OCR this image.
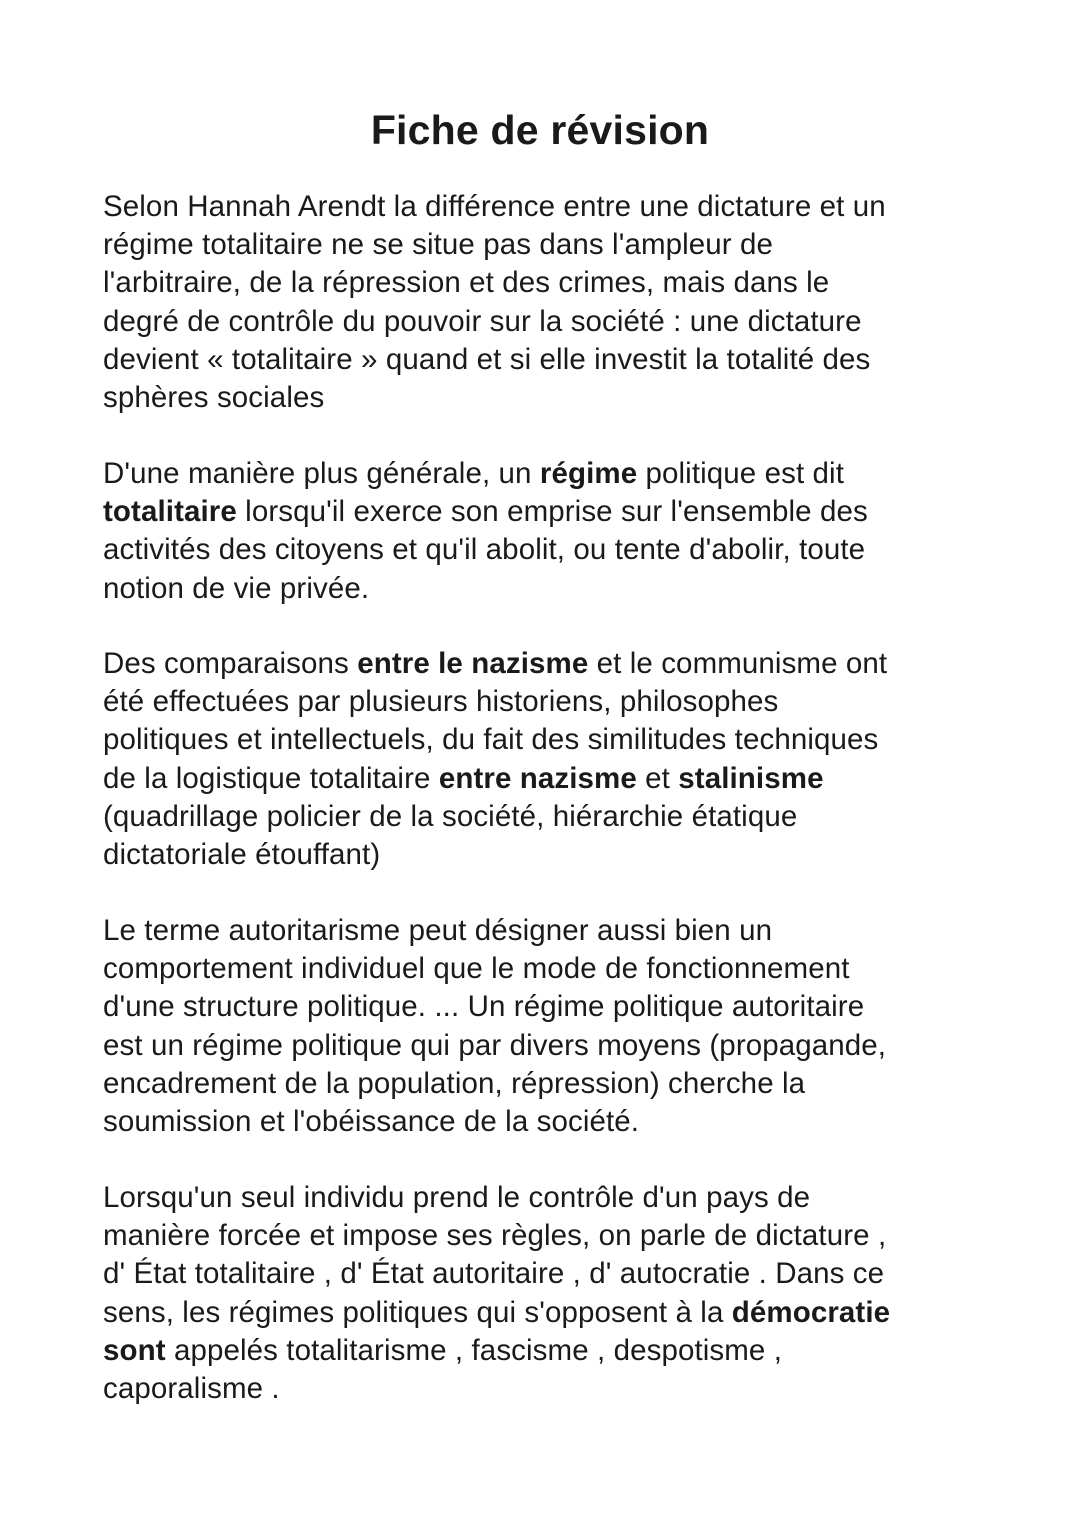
Fiche de révision

Selon Hannah Arendt la différence entre une dictature et un
régime totalitaire ne se situe pas dans l'ampleur de
l'arbitraire, de la répression et des crimes, mais dans le
degré de contrôle du pouvoir sur la société : une dictature
devient « totalitaire » quand et si elle investit la totalité des
sphères sociales

D'une manière plus générale, un régime politique est dit
totalitaire lorsqu'il exerce son emprise sur l'ensemble des
activités des citoyens et qu'il abolit, ou tente d'abolir, toute
notion de vie privée.

Des comparaisons entre le nazisme et le communisme ont
été effectuées par plusieurs historiens, philosophes
politiques et intellectuels, du fait des similitudes techniques
de la logistique totalitaire entre nazisme et stalinisme
(quadrillage policier de la société, hiérarchie étatique
dictatoriale étouffant)

Le terme autoritarisme peut désigner aussi bien un
comportement individuel que le mode de fonctionnement
d'une structure politique. ... Un régime politique autoritaire
est un régime politique qui par divers moyens (propagande,
encadrement de la population, répression) cherche la
soumission et l'obéissance de la société.

Lorsqu'un seul individu prend le contrôle d'un pays de
manière forcée et impose ses règles, on parle de dictature ,
d' État totalitaire , d' État autoritaire , d' autocratie . Dans ce
sens, les régimes politiques qui s'opposent à la démocratie
sont appelés totalitarisme , fascisme , despotisme ,
caporalisme .
